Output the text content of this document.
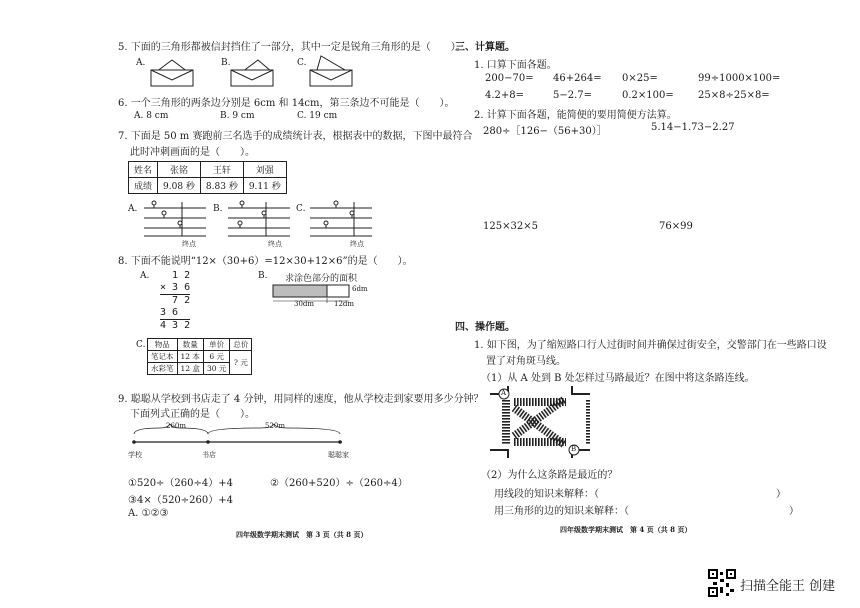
5. 下面的三角形都被信封挡住了一部分，其中一定是锐角三角形的是（　　）。
A.	B.	C.
6. 一个三角形的两条边分别是 6cm 和 14cm，第三条边不可能是（　　）。
A. 8 cm	B. 9 cm	C. 19 cm
7. 下面是 50 m 赛跑前三名选手的成绩统计表，根据表中的数据，下图中最符合
此时冲刺画面的是（　　）。
姓名	张铭	王轩	刘强
成绩	9.08 秒	8.83 秒	9.11 秒
A.
终点
B.
终点
C.
终点
8. 下面不能说明“12×（30+6）=12×30+12×6”的是（　　）。
A. 1 2
× 3 6
7 2
3 6
4 3 2
B. 求涂色部分的面积
6dm
30dm	12dm
C. 物品	数量	单价	总价
笔记本	12 本	6 元	? 元
水彩笔	12 盒	30 元	
9. 聪聪从学校到书店走了 4 分钟，用同样的速度，他从学校走到家要用多少分钟？
下面列式正确的是（　　）。
260m	520m
学校	书店	聪聪家
①520÷（260÷4）+4	②（260+520）÷（260÷4）
③4×（520÷260）+4
A. ①②③
四年级数学期末测试　第 3 页（共 8 页）
三、计算题。
1. 口算下面各题。
200−70= 46+264= 0×25=	99÷1000×100=
4.2+8=	5−2.7=	0.2×100= 25×8÷25×8=
2. 计算下面各题，能简便的要用简便方法算。
280÷［126−（56+30）］	5.14−1.73−2.27
125×32×5	76×99
四、操作题。
1. 如下图，为了缩短路口行人过街时间并确保过街安全，交警部门在一些路口设
置了对角斑马线。
（1）从 A 处到 B 处怎样过马路最近？在图中将这条路连线。
A
B
（2）为什么这条路是最近的？
用线段的知识来解释：（	）
用三角形的边的知识来解释：（	）
四年级数学期末测试　第 4 页（共 8 页）
扫描全能王 创建
